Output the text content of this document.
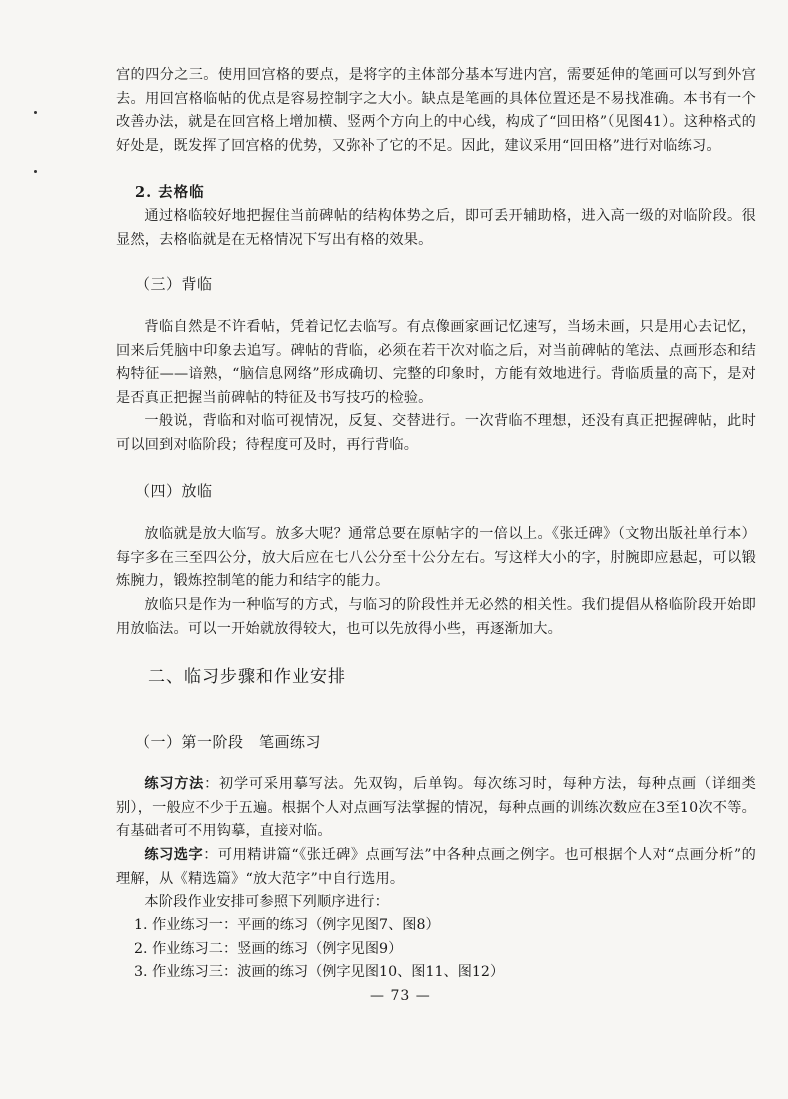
宫的四分之三。使用回宫格的要点，是将字的主体部分基本写进内宫，需要延伸的笔画可以写到外宫去。用回宫格临帖的优点是容易控制字之大小。缺点是笔画的具体位置还是不易找准确。本书有一个改善办法，就是在回宫格上增加横、竖两个方向上的中心线，构成了“回田格”（见图41）。这种格式的好处是，既发挥了回宫格的优势，又弥补了它的不足。因此，建议采用“回田格”进行对临练习。

2. 去格临

通过格临较好地把握住当前碑帖的结构体势之后，即可丢开辅助格，进入高一级的对临阶段。很显然，去格临就是在无格情况下写出有格的效果。

（三）背临

背临自然是不许看帖，凭着记忆去临写。有点像画家画记忆速写，当场未画，只是用心去记忆，回来后凭脑中印象去追写。碑帖的背临，必须在若干次对临之后，对当前碑帖的笔法、点画形态和结构特征——谙熟，“脑信息网络”形成确切、完整的印象时，方能有效地进行。背临质量的高下，是对是否真正把握当前碑帖的特征及书写技巧的检验。

一般说，背临和对临可视情况，反复、交替进行。一次背临不理想，还没有真正把握碑帖，此时可以回到对临阶段；待程度可及时，再行背临。

（四）放临

放临就是放大临写。放多大呢？通常总要在原帖字的一倍以上。《张迁碑》（文物出版社单行本）每字多在三至四公分，放大后应在七八公分至十公分左右。写这样大小的字，肘腕即应悬起，可以锻炼腕力，锻炼控制笔的能力和结字的能力。

放临只是作为一种临写的方式，与临习的阶段性并无必然的相关性。我们提倡从格临阶段开始即用放临法。可以一开始就放得较大，也可以先放得小些，再逐渐加大。

二、临习步骤和作业安排

（一）第一阶段　笔画练习

练习方法：初学可采用摹写法。先双钩，后单钩。每次练习时，每种方法，每种点画（详细类别），一般应不少于五遍。根据个人对点画写法掌握的情况，每种点画的训练次数应在3至10次不等。有基础者可不用钩摹，直接对临。

练习选字：可用精讲篇“《张迁碑》点画写法”中各种点画之例字。也可根据个人对“点画分析”的理解，从《精选篇》“放大范字”中自行选用。

本阶段作业安排可参照下列顺序进行：

1. 作业练习一：平画的练习（例字见图7、图8）
2. 作业练习二：竖画的练习（例字见图9）
3. 作业练习三：波画的练习（例字见图10、图11、图12）
— 73 —
